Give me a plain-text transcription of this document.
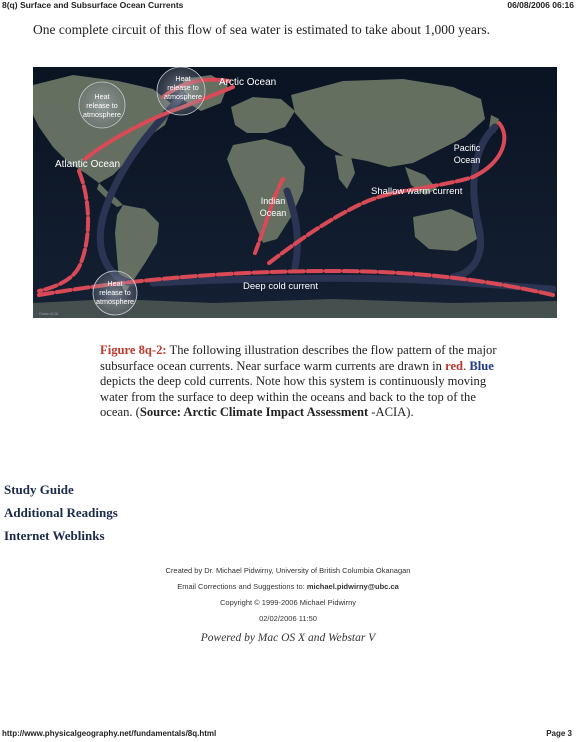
8(q) Surface and Subsurface Ocean Currents	06/08/2006 06:16
One complete circuit of this flow of sea water is estimated to take about 1,000 years.
Heat
release to
atmosphere
Heat
release to
atmosphere
Heat
release to
atmosphere
Arctic Ocean
Atlantic Ocean
Pacific
Ocean
Indian
Ocean
Shallow warm current
Deep cold current
Ocean ACIA
Figure 8q-2: The following illustration describes the flow pattern of the major subsurface ocean currents. Near surface warm currents are drawn in red. Blue depicts the deep cold currents. Note how this system is continuously moving water from the surface to deep within the oceans and back to the top of the ocean. (Source: Arctic Climate Impact Assessment -ACIA).
Study Guide
Additional Readings
Internet Weblinks
Created by Dr. Michael Pidwirny, University of British Columbia Okanagan
Email Corrections and Suggestions to: michael.pidwirny@ubc.ca
Copyright © 1999-2006 Michael Pidwirny
02/02/2006 11:50
Powered by Mac OS X and Webstar V
http://www.physicalgeography.net/fundamentals/8q.html	Page 3
